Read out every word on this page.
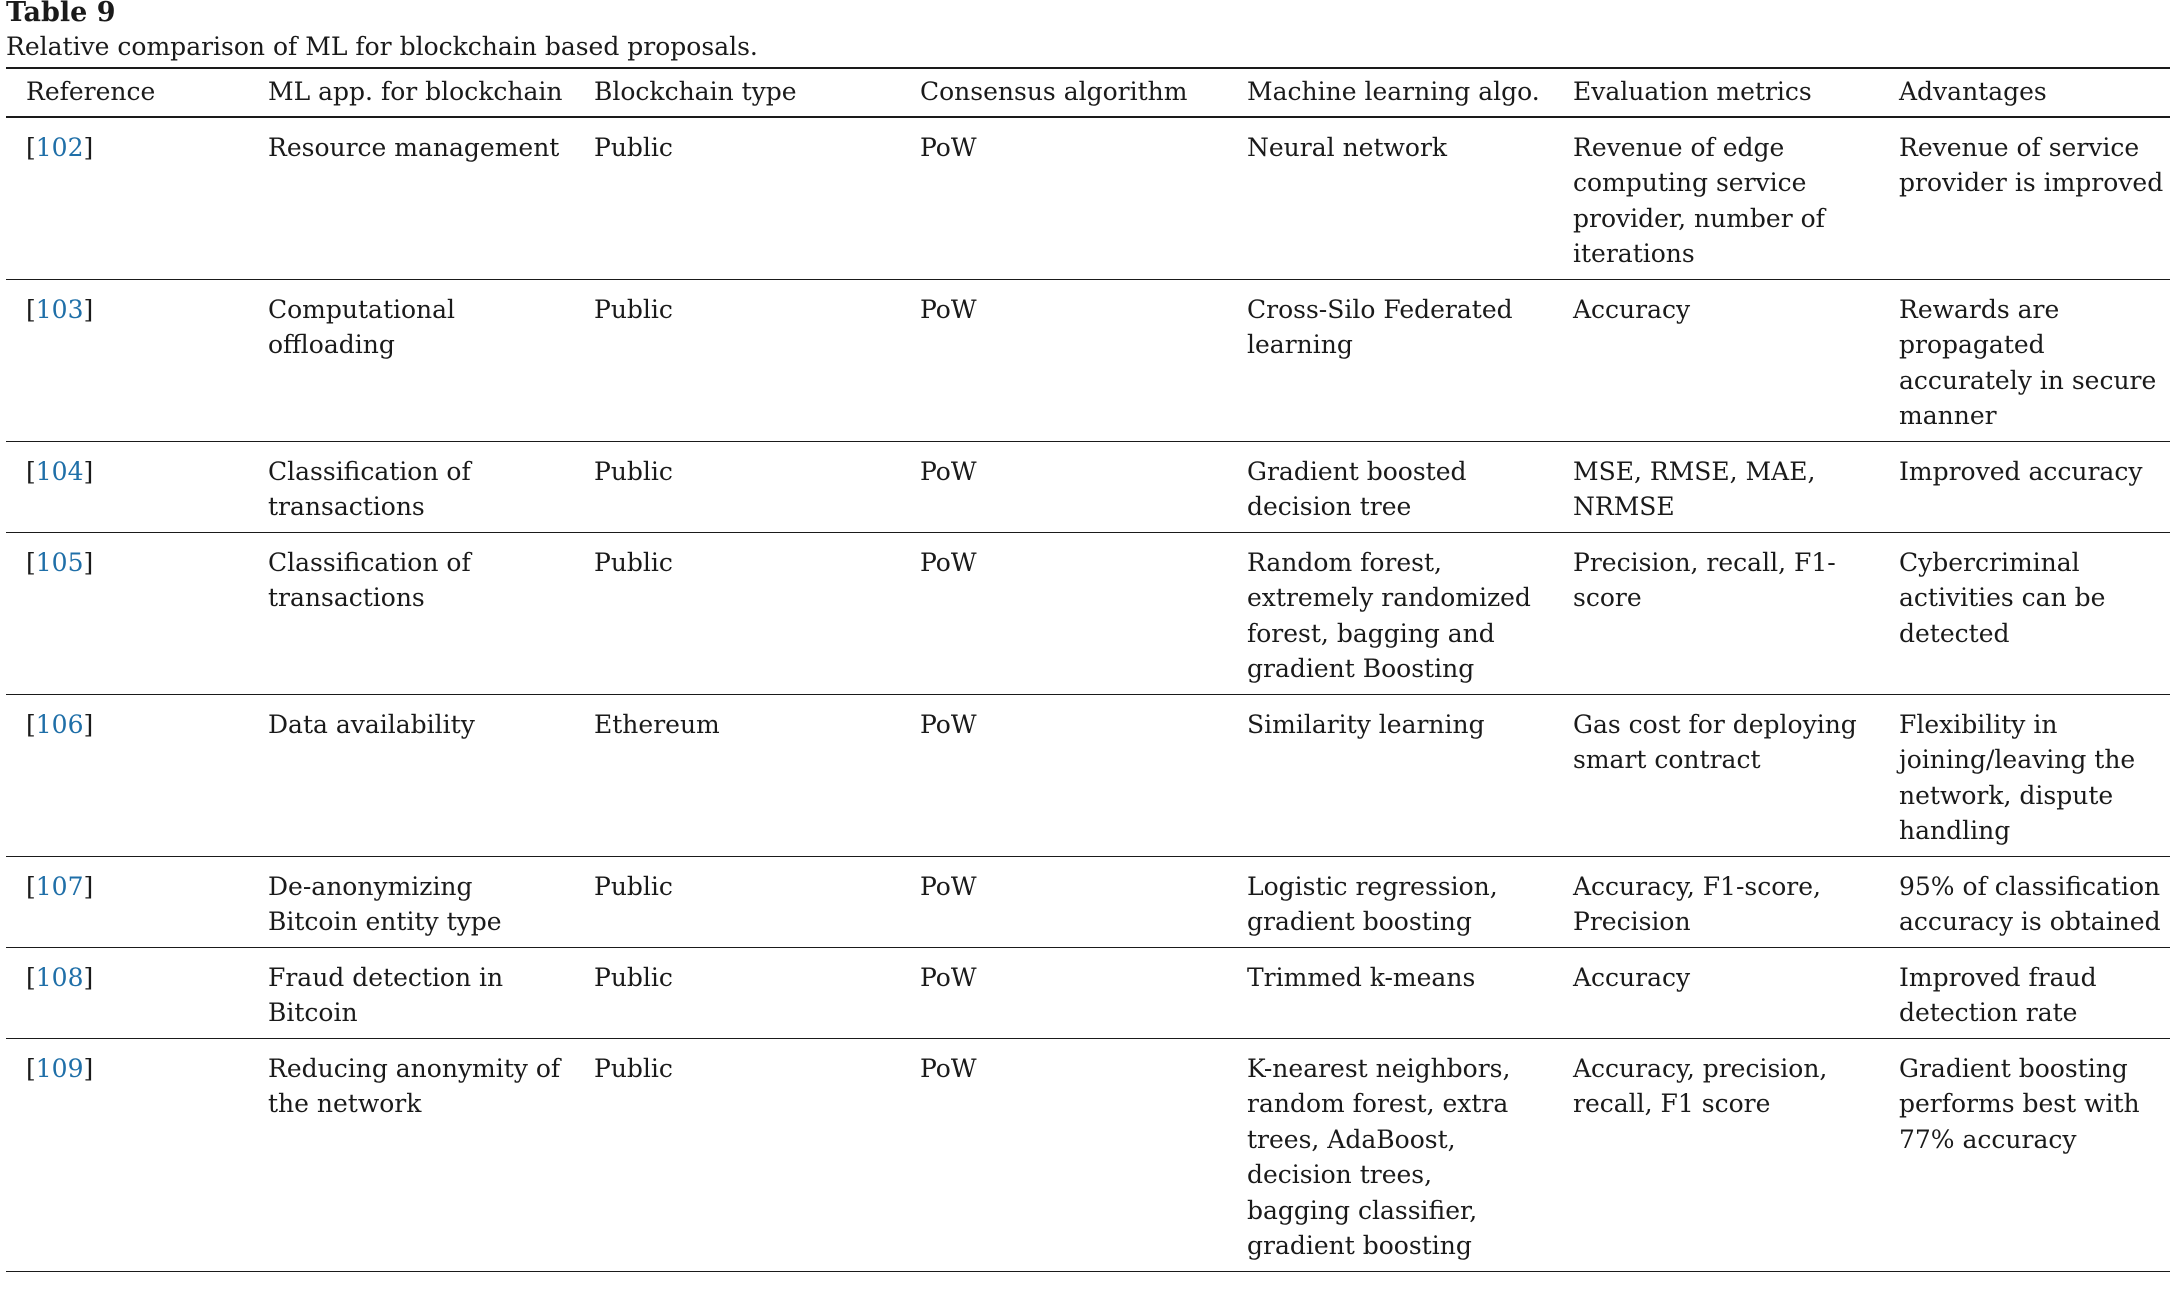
Table 9
Relative comparison of ML for blockchain based proposals.
Reference	ML app. for blockchain	Blockchain type	Consensus algorithm	Machine learning algo.	Evaluation metrics	Advantages
[102]	Resource management	Public	PoW	Neural network	Revenue of edge computing service provider, number of iterations	Revenue of service provider is improved
[103]	Computational offloading	Public	PoW	Cross-Silo Federated learning	Accuracy	Rewards are propagated accurately in secure manner
[104]	Classification of transactions	Public	PoW	Gradient boosted decision tree	MSE, RMSE, MAE, NRMSE	Improved accuracy
[105]	Classification of transactions	Public	PoW	Random forest, extremely randomized forest, bagging and gradient Boosting	Precision, recall, F1-score	Cybercriminal activities can be detected
[106]	Data availability	Ethereum	PoW	Similarity learning	Gas cost for deploying smart contract	Flexibility in joining/leaving the network, dispute handling
[107]	De-anonymizing Bitcoin entity type	Public	PoW	Logistic regression, gradient boosting	Accuracy, F1-score, Precision	95% of classification accuracy is obtained
[108]	Fraud detection in Bitcoin	Public	PoW	Trimmed k-means	Accuracy	Improved fraud detection rate
[109]	Reducing anonymity of the network	Public	PoW	K-nearest neighbors, random forest, extra trees, AdaBoost, decision trees, bagging classifier, gradient boosting	Accuracy, precision, recall, F1 score	Gradient boosting performs best with 77% accuracy
